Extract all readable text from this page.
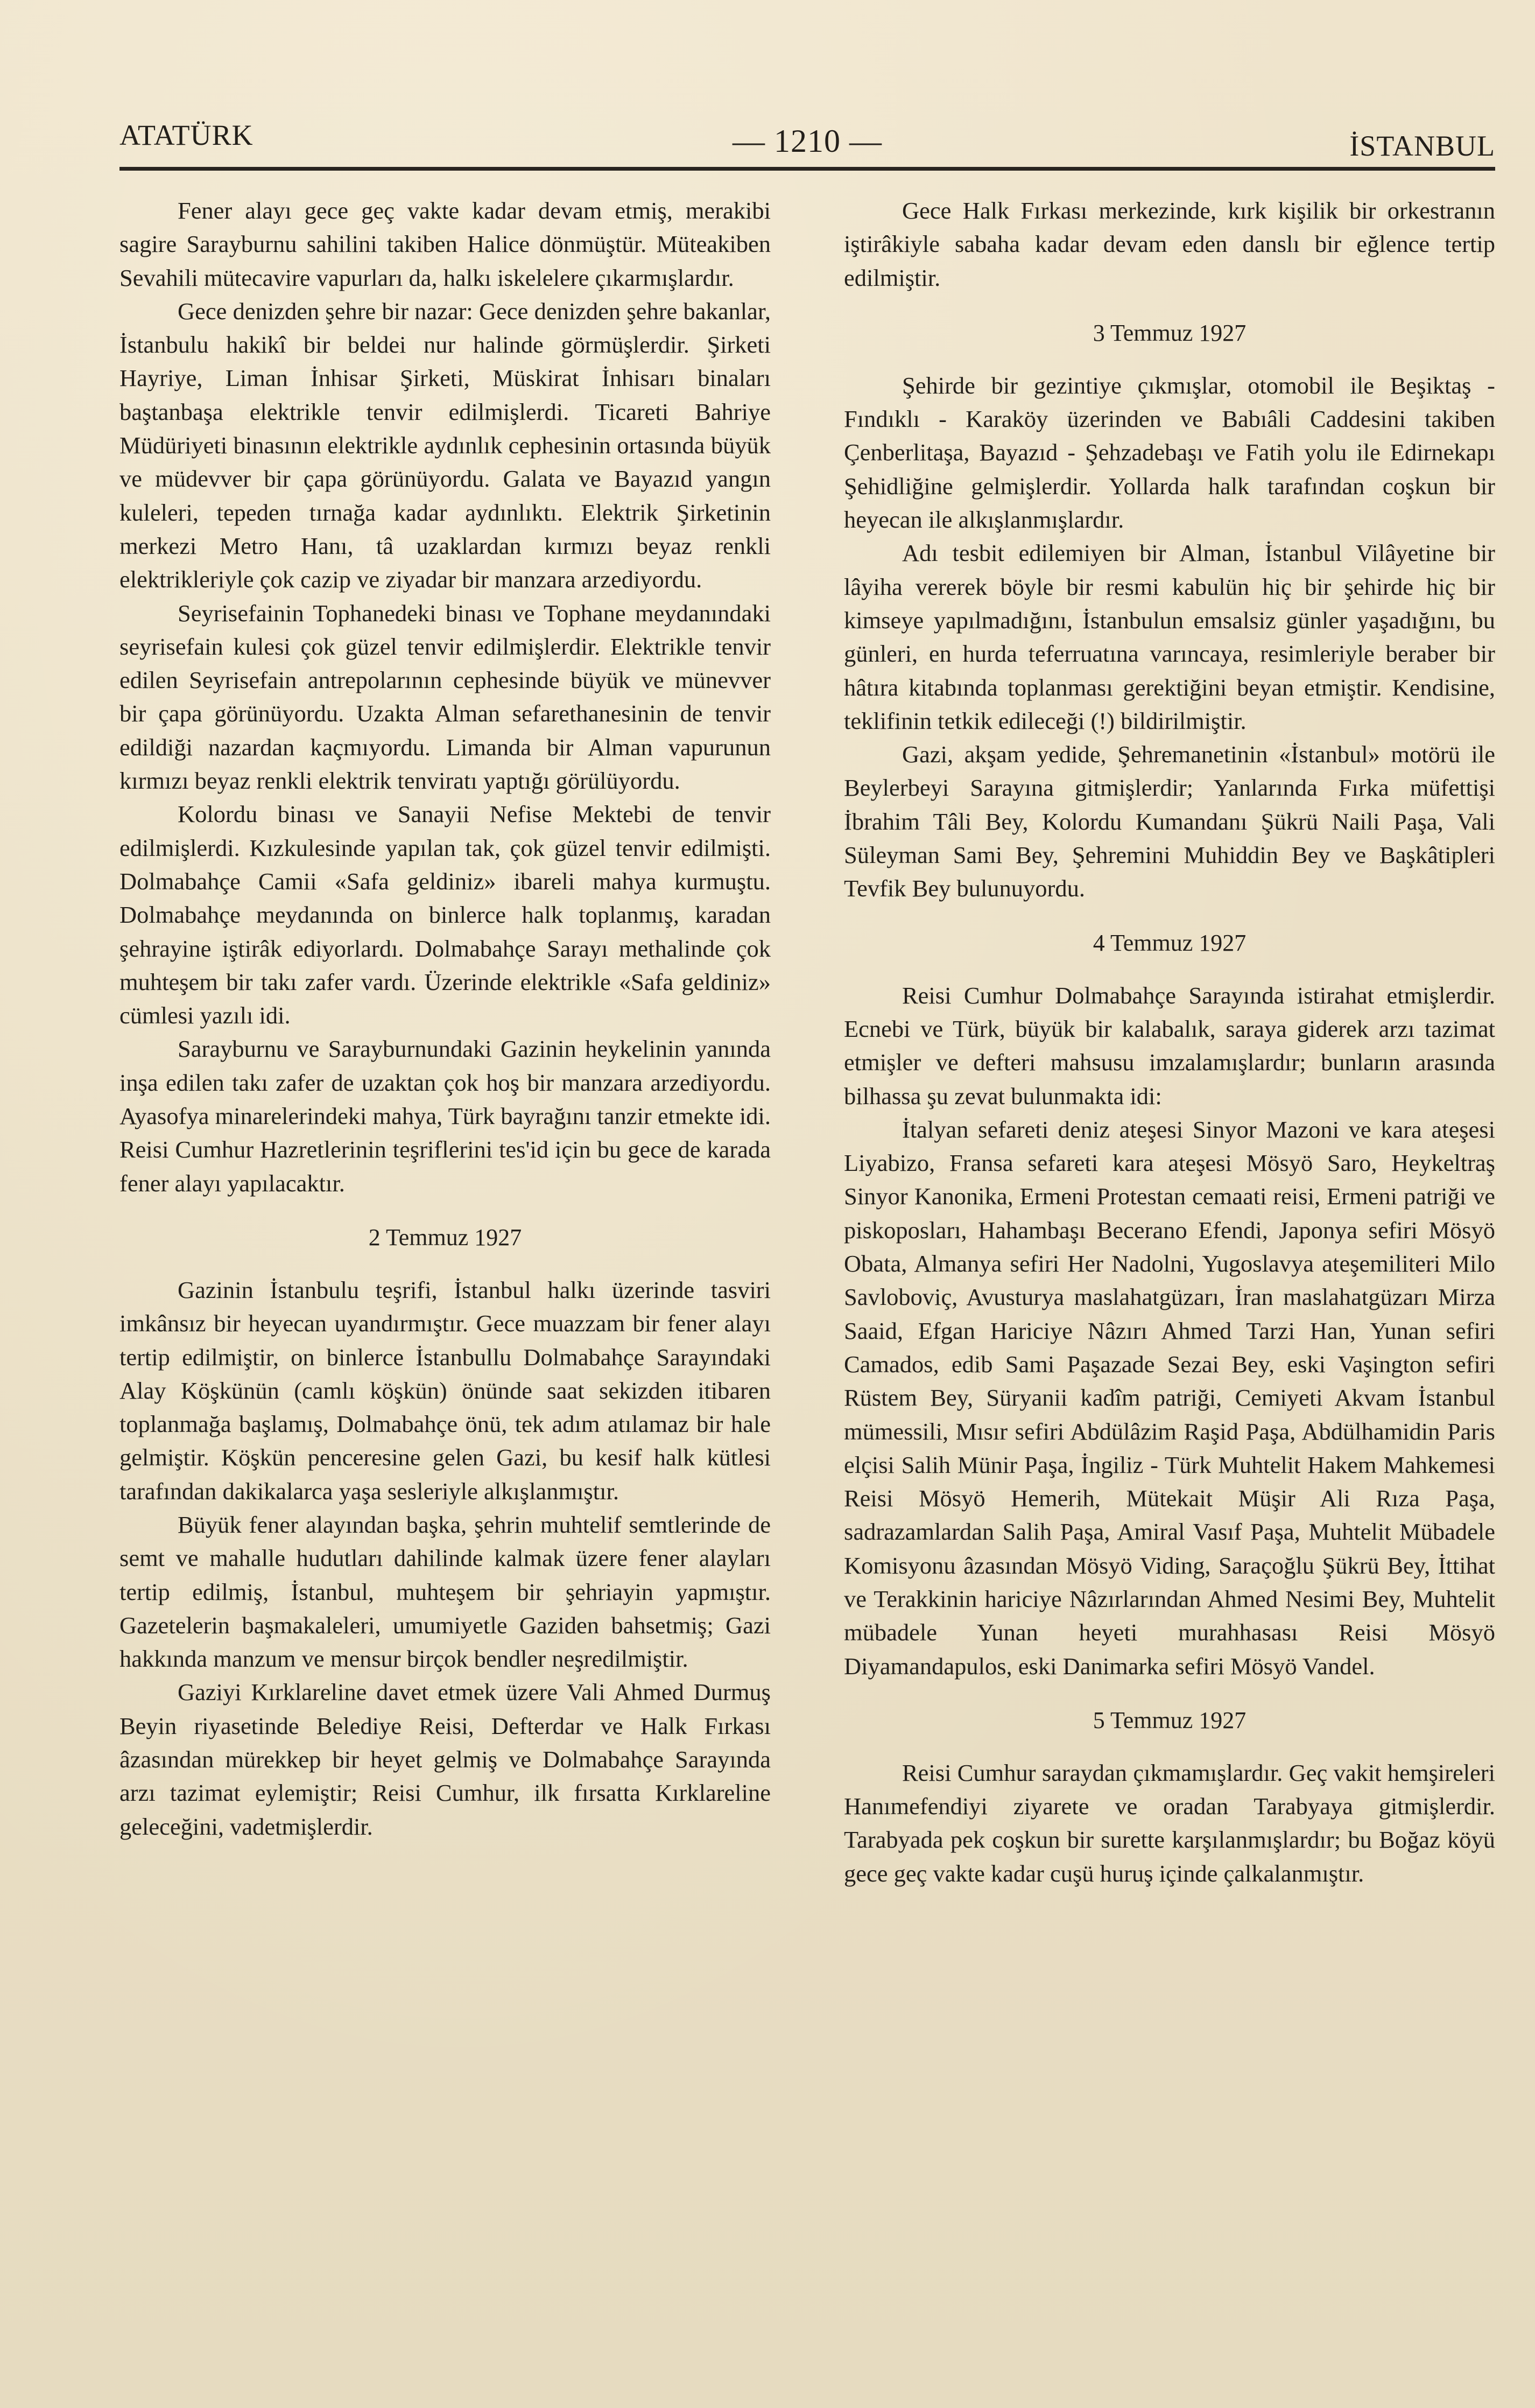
ATATÜRK	— 1210 —	İSTANBUL

Fener alayı gece geç vakte kadar devam etmiş, merakibi sagire Sarayburnu sahilini takiben Halice dönmüştür. Müteakiben Sevahili mütecavire vapurları da, halkı iskelelere çıkarmışlardır.

Gece denizden şehre bir nazar: Gece denizden şehre bakanlar, İstanbulu hakikî bir beldei nur halinde görmüşlerdir. Şirketi Hayriye, Liman İnhisar Şirketi, Müskirat İnhisarı binaları baştanbaşa elektrikle tenvir edilmişlerdi. Ticareti Bahriye Müdüriyeti binasının elektrikle aydınlık cephesinin ortasında büyük ve müdevver bir çapa görünüyordu. Galata ve Bayazıd yangın kuleleri, tepeden tırnağa kadar aydınlıktı. Elektrik Şirketinin merkezi Metro Hanı, tâ uzaklardan kırmızı beyaz renkli elektrikleriyle çok cazip ve ziyadar bir manzara arzediyordu.

Seyrisefainin Tophanedeki binası ve Tophane meydanındaki seyrisefain kulesi çok güzel tenvir edilmişlerdir. Elektrikle tenvir edilen Seyrisefain antrepolarının cephesinde büyük ve münevver bir çapa görünüyordu. Uzakta Alman sefarethanesinin de tenvir edildiği nazardan kaçmıyordu. Limanda bir Alman vapurunun kırmızı beyaz renkli elektrik tenviratı yaptığı görülüyordu.

Kolordu binası ve Sanayii Nefise Mektebi de tenvir edilmişlerdi. Kızkulesinde yapılan tak, çok güzel tenvir edilmişti. Dolmabahçe Camii «Safa geldiniz» ibareli mahya kurmuştu. Dolmabahçe meydanında on binlerce halk toplanmış, karadan şehrayine iştirâk ediyorlardı. Dolmabahçe Sarayı methalinde çok muhteşem bir takı zafer vardı. Üzerinde elektrikle «Safa geldiniz» cümlesi yazılı idi.

Sarayburnu ve Sarayburnundaki Gazinin heykelinin yanında inşa edilen takı zafer de uzaktan çok hoş bir manzara arzediyordu. Ayasofya minarelerindeki mahya, Türk bayrağını tanzir etmekte idi. Reisi Cumhur Hazretlerinin teşriflerini tes'id için bu gece de karada fener alayı yapılacaktır.

2 Temmuz 1927

Gazinin İstanbulu teşrifi, İstanbul halkı üzerinde tasviri imkânsız bir heyecan uyandırmıştır. Gece muazzam bir fener alayı tertip edilmiştir, on binlerce İstanbullu Dolmabahçe Sarayındaki Alay Köşkünün (camlı köşkün) önünde saat sekizden itibaren toplanmağa başlamış, Dolmabahçe önü, tek adım atılamaz bir hale gelmiştir. Köşkün penceresine gelen Gazi, bu kesif halk kütlesi tarafından dakikalarca yaşa sesleriyle alkışlanmıştır.

Büyük fener alayından başka, şehrin muhtelif semtlerinde de semt ve mahalle hudutları dahilinde kalmak üzere fener alayları tertip edilmiş, İstanbul, muhteşem bir şehriayin yapmıştır. Gazetelerin başmakaleleri, umumiyetle Gaziden bahsetmiş; Gazi hakkında manzum ve mensur birçok bendler neşredilmiştir.

Gaziyi Kırklareline davet etmek üzere Vali Ahmed Durmuş Beyin riyasetinde Belediye Reisi, Defterdar ve Halk Fırkası âzasından mürekkep bir heyet gelmiş ve Dolmabahçe Sarayında arzı tazimat eylemiştir; Reisi Cumhur, ilk fırsatta Kırklareline geleceğini, vadetmişlerdir.

Gece Halk Fırkası merkezinde, kırk kişilik bir orkestranın iştirâkiyle sabaha kadar devam eden danslı bir eğlence tertip edilmiştir.

3 Temmuz 1927

Şehirde bir gezintiye çıkmışlar, otomobil ile Beşiktaş - Fındıklı - Karaköy üzerinden ve Babıâli Caddesini takiben Çenberlitaşa, Bayazıd - Şehzadebaşı ve Fatih yolu ile Edirnekapı Şehidliğine gelmişlerdir. Yollarda halk tarafından coşkun bir heyecan ile alkışlanmışlardır.

Adı tesbit edilemiyen bir Alman, İstanbul Vilâyetine bir lâyiha vererek böyle bir resmi kabulün hiç bir şehirde hiç bir kimseye yapılmadığını, İstanbulun emsalsiz günler yaşadığını, bu günleri, en hurda teferruatına varıncaya, resimleriyle beraber bir hâtıra kitabında toplanması gerektiğini beyan etmiştir. Kendisine, teklifinin tetkik edileceği (!) bildirilmiştir.

Gazi, akşam yedide, Şehremanetinin «İstanbul» motörü ile Beylerbeyi Sarayına gitmişlerdir; Yanlarında Fırka müfettişi İbrahim Tâli Bey, Kolordu Kumandanı Şükrü Naili Paşa, Vali Süleyman Sami Bey, Şehremini Muhiddin Bey ve Başkâtipleri Tevfik Bey bulunuyordu.

4 Temmuz 1927

Reisi Cumhur Dolmabahçe Sarayında istirahat etmişlerdir. Ecnebi ve Türk, büyük bir kalabalık, saraya giderek arzı tazimat etmişler ve defteri mahsusu imzalamışlardır; bunların arasında bilhassa şu zevat bulunmakta idi:

İtalyan sefareti deniz ateşesi Sinyor Mazoni ve kara ateşesi Liyabizo, Fransa sefareti kara ateşesi Mösyö Saro, Heykeltraş Sinyor Kanonika, Ermeni Protestan cemaati reisi, Ermeni patriği ve piskoposları, Hahambaşı Becerano Efendi, Japonya sefiri Mösyö Obata, Almanya sefiri Her Nadolni, Yugoslavya ateşemiliteri Milo Savloboviç, Avusturya maslahatgüzarı, İran maslahatgüzarı Mirza Saaid, Efgan Hariciye Nâzırı Ahmed Tarzi Han, Yunan sefiri Camados, edib Sami Paşazade Sezai Bey, eski Vaşington sefiri Rüstem Bey, Süryanii kadîm patriği, Cemiyeti Akvam İstanbul mümessili, Mısır sefiri Abdülâzim Raşid Paşa, Abdülhamidin Paris elçisi Salih Münir Paşa, İngiliz - Türk Muhtelit Hakem Mahkemesi Reisi Mösyö Hemerih, Mütekait Müşir Ali Rıza Paşa, sadrazamlardan Salih Paşa, Amiral Vasıf Paşa, Muhtelit Mübadele Komisyonu âzasından Mösyö Viding, Saraçoğlu Şükrü Bey, İttihat ve Terakkinin hariciye Nâzırlarından Ahmed Nesimi Bey, Muhtelit mübadele Yunan heyeti murahhasası Reisi Mösyö Diyamandapulos, eski Danimarka sefiri Mösyö Vandel.

5 Temmuz 1927

Reisi Cumhur saraydan çıkmamışlardır. Geç vakit hemşireleri Hanımefendiyi ziyarete ve oradan Tarabyaya gitmişlerdir. Tarabyada pek coşkun bir surette karşılanmışlardır; bu Boğaz köyü gece geç vakte kadar cuşü huruş içinde çalkalanmıştır.
